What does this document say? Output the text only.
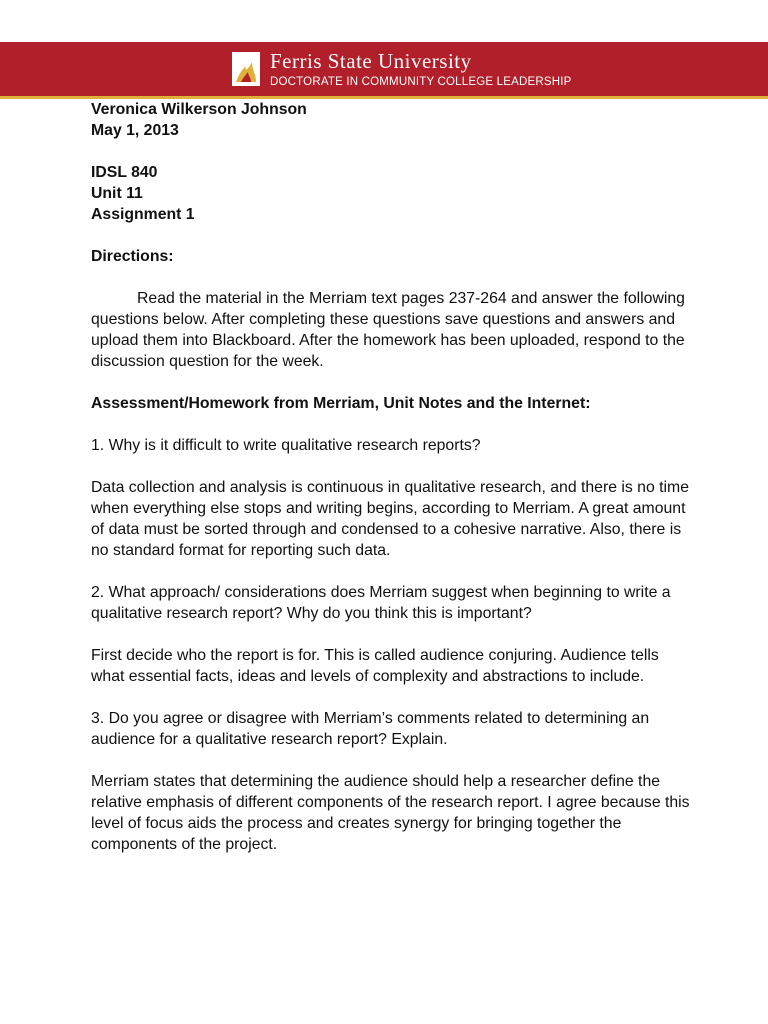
Ferris State University
DOCTORATE IN COMMUNITY COLLEGE LEADERSHIP

Veronica Wilkerson Johnson

May 1, 2013

IDSL 840

Unit 11

Assignment 1

Directions:

Read the material in the Merriam text pages 237-264 and answer the following questions below. After completing these questions save questions and answers and upload them into Blackboard. After the homework has been uploaded, respond to the discussion question for the week.

Assessment/Homework from Merriam, Unit Notes and the Internet:

1. Why is it difficult to write qualitative research reports?

Data collection and analysis is continuous in qualitative research, and there is no time when everything else stops and writing begins, according to Merriam. A great amount of data must be sorted through and condensed to a cohesive narrative. Also, there is no standard format for reporting such data.

2. What approach/ considerations does Merriam suggest when beginning to write a qualitative research report? Why do you think this is important?

First decide who the report is for. This is called audience conjuring. Audience tells what essential facts, ideas and levels of complexity and abstractions to include.

3. Do you agree or disagree with Merriam’s comments related to determining an audience for a qualitative research report? Explain.

Merriam states that determining the audience should help a researcher define the relative emphasis of different components of the research report. I agree because this level of focus aids the process and creates synergy for bringing together the components of the project.
